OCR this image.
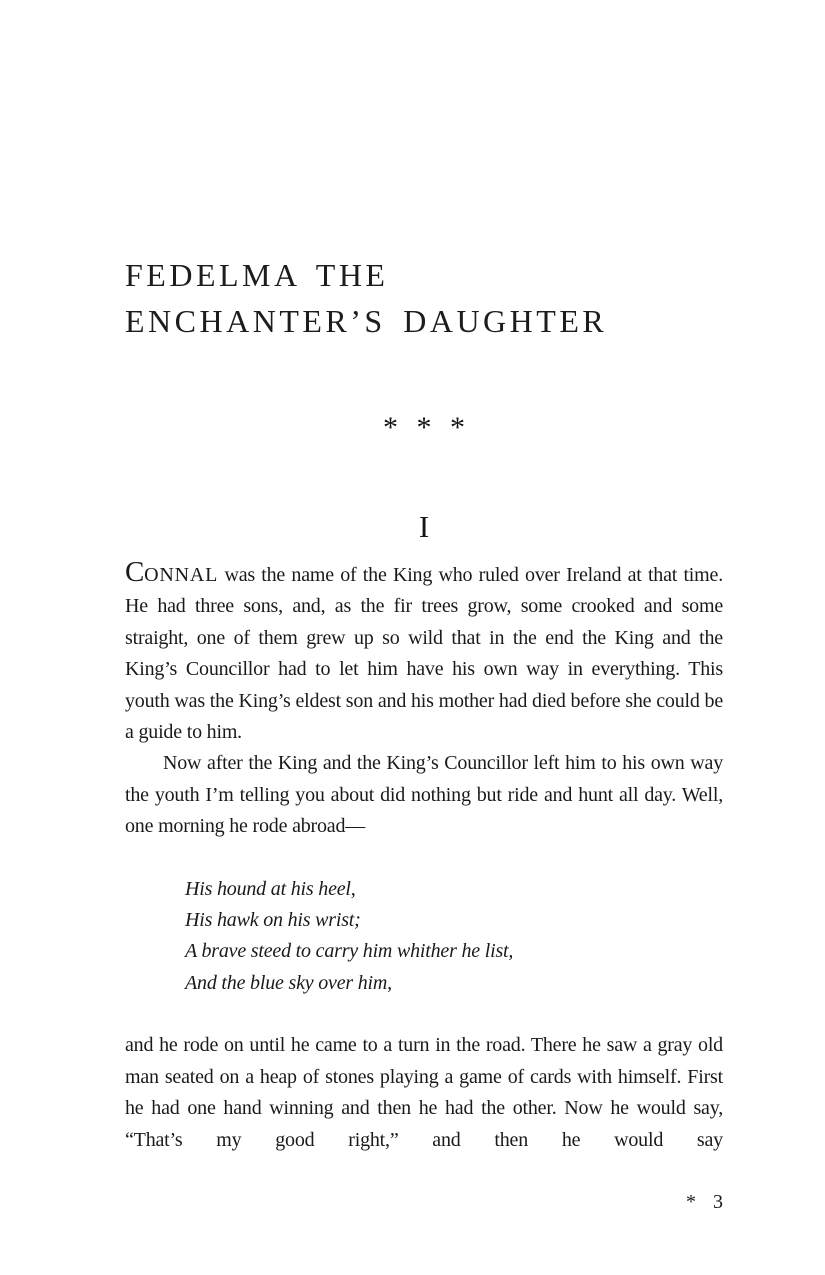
FEDELMA THE
ENCHANTER’S DAUGHTER
* * *
I

CONNAL was the name of the King who ruled over Ireland at that time. He had three sons, and, as the fir trees grow, some crooked and some straight, one of them grew up so wild that in the end the King and the King’s Councillor had to let him have his own way in everything. This youth was the King’s eldest son and his mother had died before she could be a guide to him.

Now after the King and the King’s Councillor left him to his own way the youth I’m telling you about did nothing but ride and hunt all day. Well, one morning he rode abroad—

His hound at his heel,

His hawk on his wrist;

A brave steed to carry him whither he list,

And the blue sky over him,

and he rode on until he came to a turn in the road. There he saw a gray old man seated on a heap of stones playing a game of cards with himself. First he had one hand winning and then he had the other. Now he would say, “That’s my good right,” and then he would say

* 3
